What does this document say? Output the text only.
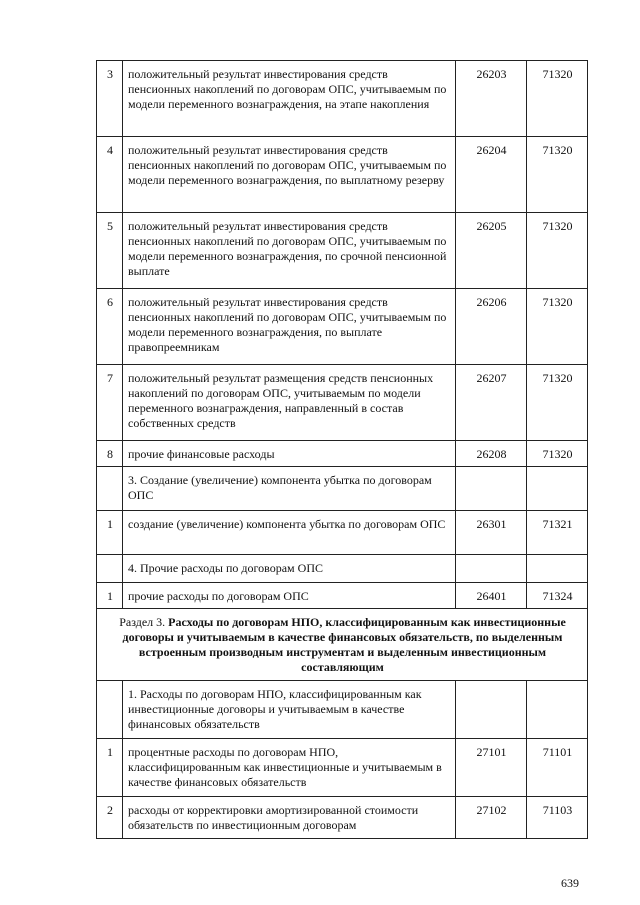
3	положительный результат инвестирования средств пенсионных накоплений по договорам ОПС, учитываемым по модели переменного вознаграждения, на этапе накопления	26203	71320
4	положительный результат инвестирования средств пенсионных накоплений по договорам ОПС, учитываемым по модели переменного вознаграждения, по выплатному резерву	26204	71320
5	положительный результат инвестирования средств пенсионных накоплений по договорам ОПС, учитываемым по модели переменного вознаграждения, по срочной пенсионной выплате	26205	71320
6	положительный результат инвестирования средств пенсионных накоплений по договорам ОПС, учитываемым по модели переменного вознаграждения, по выплате правопреемникам	26206	71320
7	положительный результат размещения средств пенсионных накоплений по договорам ОПС, учитываемым по модели переменного вознаграждения, направленный в состав собственных средств	26207	71320
8	прочие финансовые расходы	26208	71320
	3. Создание (увеличение) компонента убытка по договорам ОПС		
1	создание (увеличение) компонента убытка по договорам ОПС	26301	71321
	4. Прочие расходы по договорам ОПС		
1	прочие расходы по договорам ОПС	26401	71324
Раздел 3. Расходы по договорам НПО, классифицированным как инвестиционные договоры и учитываемым в качестве финансовых обязательств, по выделенным встроенным производным инструментам и выделенным инвестиционным составляющим			
	1. Расходы по договорам НПО, классифицированным как инвестиционные договоры и учитываемым в качестве финансовых обязательств		
1	процентные расходы по договорам НПО, классифицированным как инвестиционные и учитываемым в качестве финансовых обязательств	27101	71101
2	расходы от корректировки амортизированной стоимости обязательств по инвестиционным договорам	27102	71103
639
